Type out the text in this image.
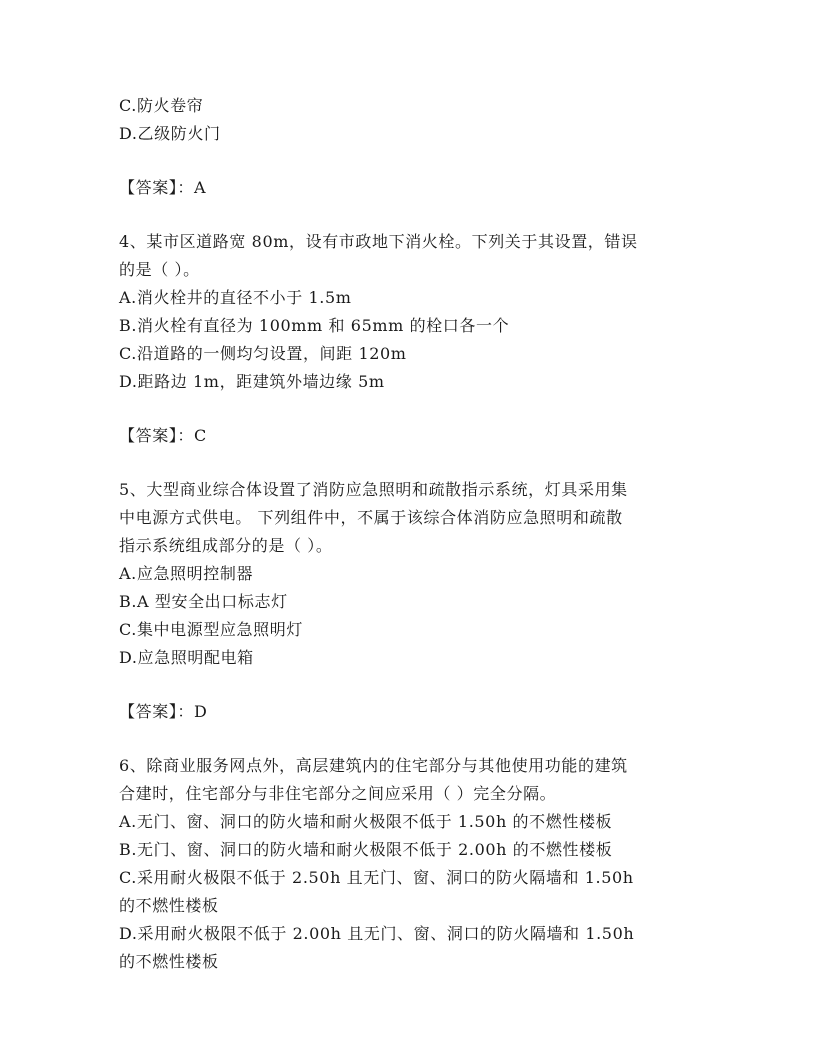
C.防火卷帘
D.乙级防火门
【答案】：A
4、某市区道路宽 80m，设有市政地下消火栓。下列关于其设置，错误
的是（ ）。
A.消火栓井的直径不小于 1.5m
B.消火栓有直径为 100mm 和 65mm 的栓口各一个
C.沿道路的一侧均匀设置，间距 120m
D.距路边 1m，距建筑外墙边缘 5m
【答案】：C
5、大型商业综合体设置了消防应急照明和疏散指示系统，灯具采用集
中电源方式供电。 下列组件中，不属于该综合体消防应急照明和疏散
指示系统组成部分的是（ ）。
A.应急照明控制器
B.A 型安全出口标志灯
C.集中电源型应急照明灯
D.应急照明配电箱
【答案】：D
6、除商业服务网点外，高层建筑内的住宅部分与其他使用功能的建筑
合建时，住宅部分与非住宅部分之间应采用（ ）完全分隔。
A.无门、窗、洞口的防火墙和耐火极限不低于 1.50h 的不燃性楼板
B.无门、窗、洞口的防火墙和耐火极限不低于 2.00h 的不燃性楼板
C.采用耐火极限不低于 2.50h 且无门、窗、洞口的防火隔墙和 1.50h
的不燃性楼板
D.采用耐火极限不低于 2.00h 且无门、窗、洞口的防火隔墙和 1.50h
的不燃性楼板
